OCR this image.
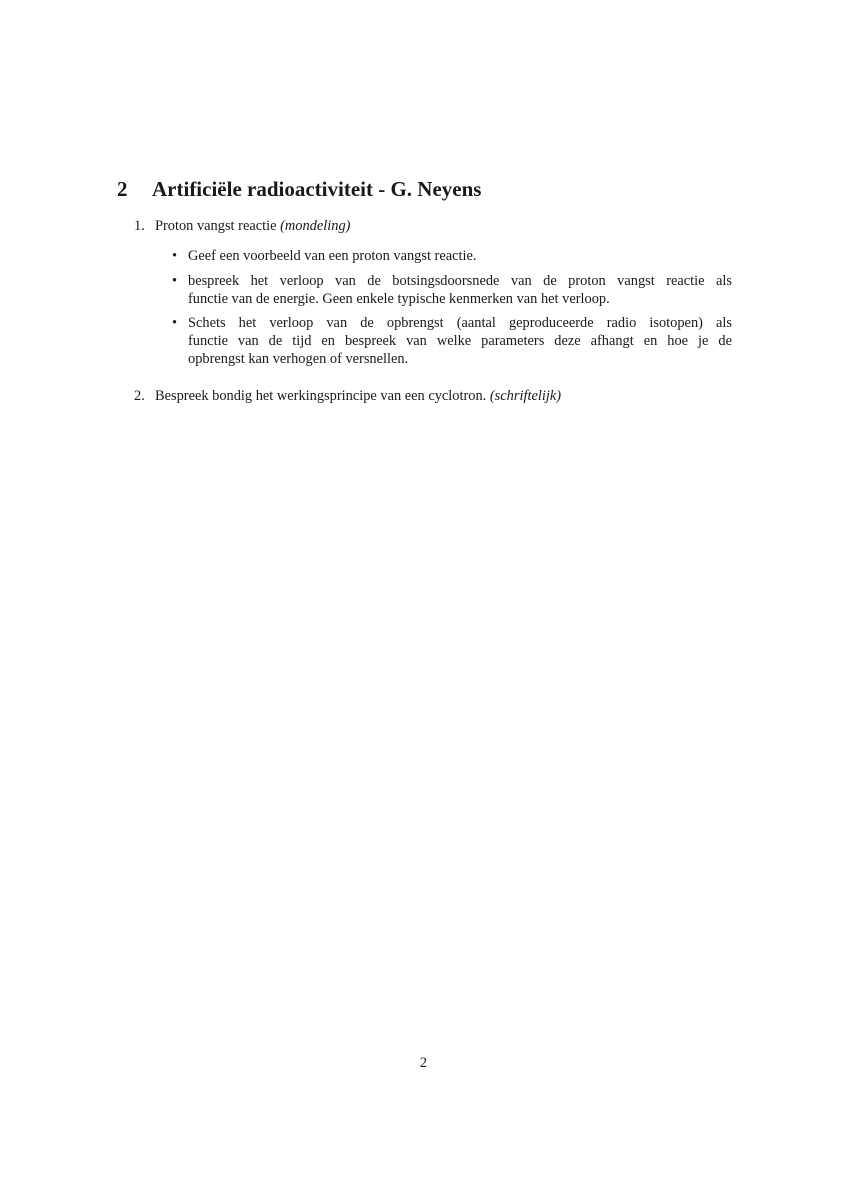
2 Artificiële radioactiviteit - G. Neyens
1. Proton vangst reactie (mondeling)
• Geef een voorbeeld van een proton vangst reactie.
• bespreek het verloop van de botsingsdoorsnede van de proton vangst reactie als
functie van de energie. Geen enkele typische kenmerken van het verloop.
• Schets het verloop van de opbrengst (aantal geproduceerde radio isotopen) als
functie van de tijd en bespreek van welke parameters deze afhangt en hoe je de
opbrengst kan verhogen of versnellen.
2. Bespreek bondig het werkingsprincipe van een cyclotron. (schriftelijk)
2
